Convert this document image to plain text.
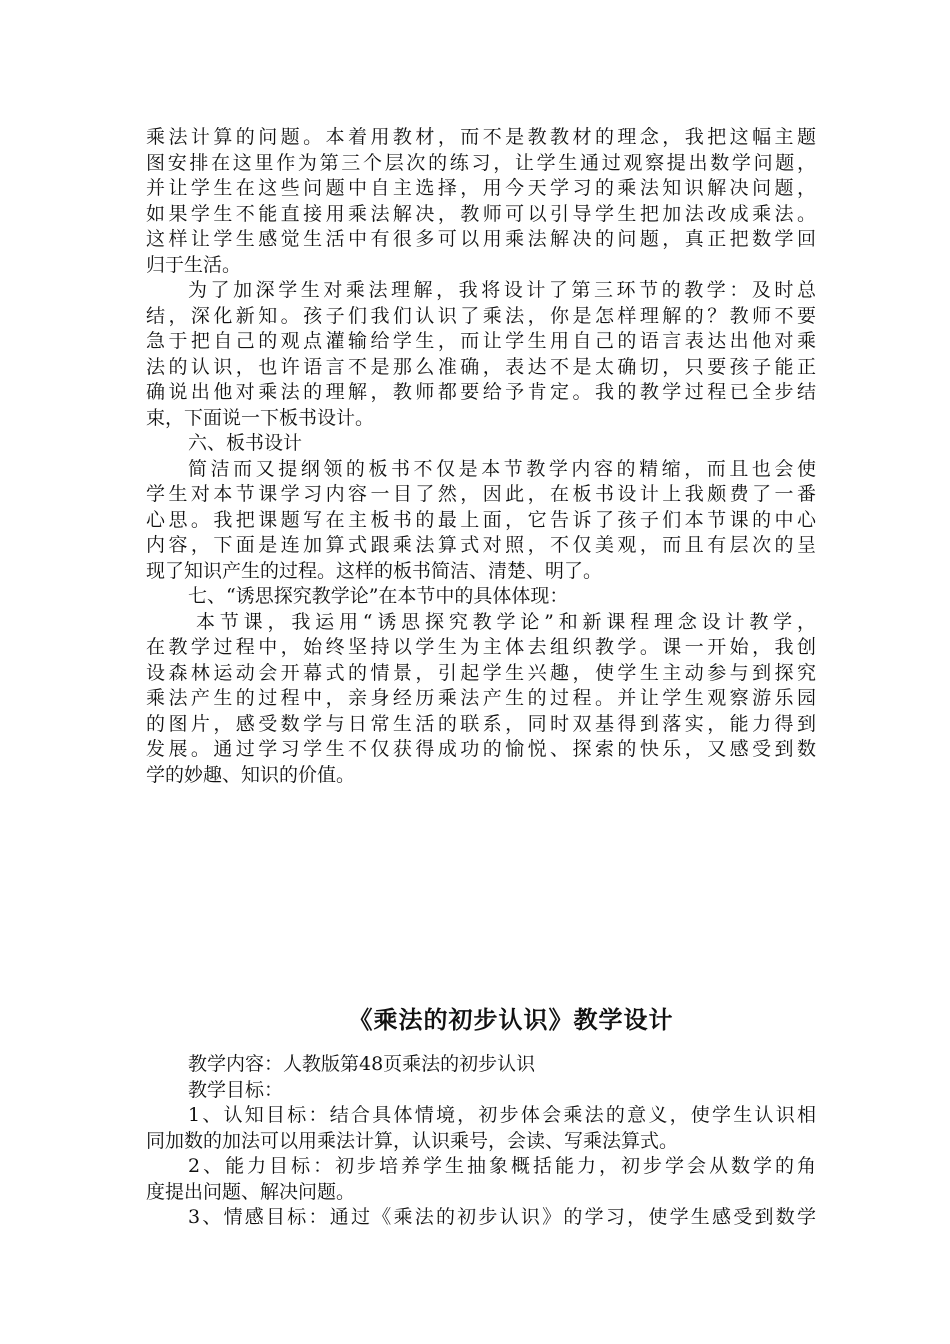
乘法计算的问题。本着用教材，而不是教教材的理念，我把这幅主题
图安排在这里作为第三个层次的练习，让学生通过观察提出数学问题，
并让学生在这些问题中自主选择，用今天学习的乘法知识解决问题，
如果学生不能直接用乘法解决，教师可以引导学生把加法改成乘法。
这样让学生感觉生活中有很多可以用乘法解决的问题，真正把数学回
归于生活。
为了加深学生对乘法理解，我将设计了第三环节的教学：及时总
结，深化新知。孩子们我们认识了乘法，你是怎样理解的？教师不要
急于把自己的观点灌输给学生，而让学生用自己的语言表达出他对乘
法的认识，也许语言不是那么准确，表达不是太确切，只要孩子能正
确说出他对乘法的理解，教师都要给予肯定。我的教学过程已全步结
束，下面说一下板书设计。
六、板书设计
简洁而又提纲领的板书不仅是本节教学内容的精缩，而且也会使
学生对本节课学习内容一目了然，因此，在板书设计上我颇费了一番
心思。我把课题写在主板书的最上面，它告诉了孩子们本节课的中心
内容，下面是连加算式跟乘法算式对照，不仅美观，而且有层次的呈
现了知识产生的过程。这样的板书简洁、清楚、明了。
七、“诱思探究教学论”在本节中的具体体现：
本节课，我运用“诱思探究教学论”和新课程理念设计教学，
在教学过程中，始终坚持以学生为主体去组织教学。课一开始，我创
设森林运动会开幕式的情景，引起学生兴趣，使学生主动参与到探究
乘法产生的过程中，亲身经历乘法产生的过程。并让学生观察游乐园
的图片，感受数学与日常生活的联系，同时双基得到落实，能力得到
发展。通过学习学生不仅获得成功的愉悦、探索的快乐，又感受到数
学的妙趣、知识的价值。
《乘法的初步认识》教学设计
教学内容：人教版第48页乘法的初步认识
教学目标：
1、认知目标：结合具体情境，初步体会乘法的意义，使学生认识相
同加数的加法可以用乘法计算，认识乘号，会读、写乘法算式。
2、能力目标：初步培养学生抽象概括能力，初步学会从数学的角
度提出问题、解决问题。
3、情感目标：通过《乘法的初步认识》的学习，使学生感受到数学
